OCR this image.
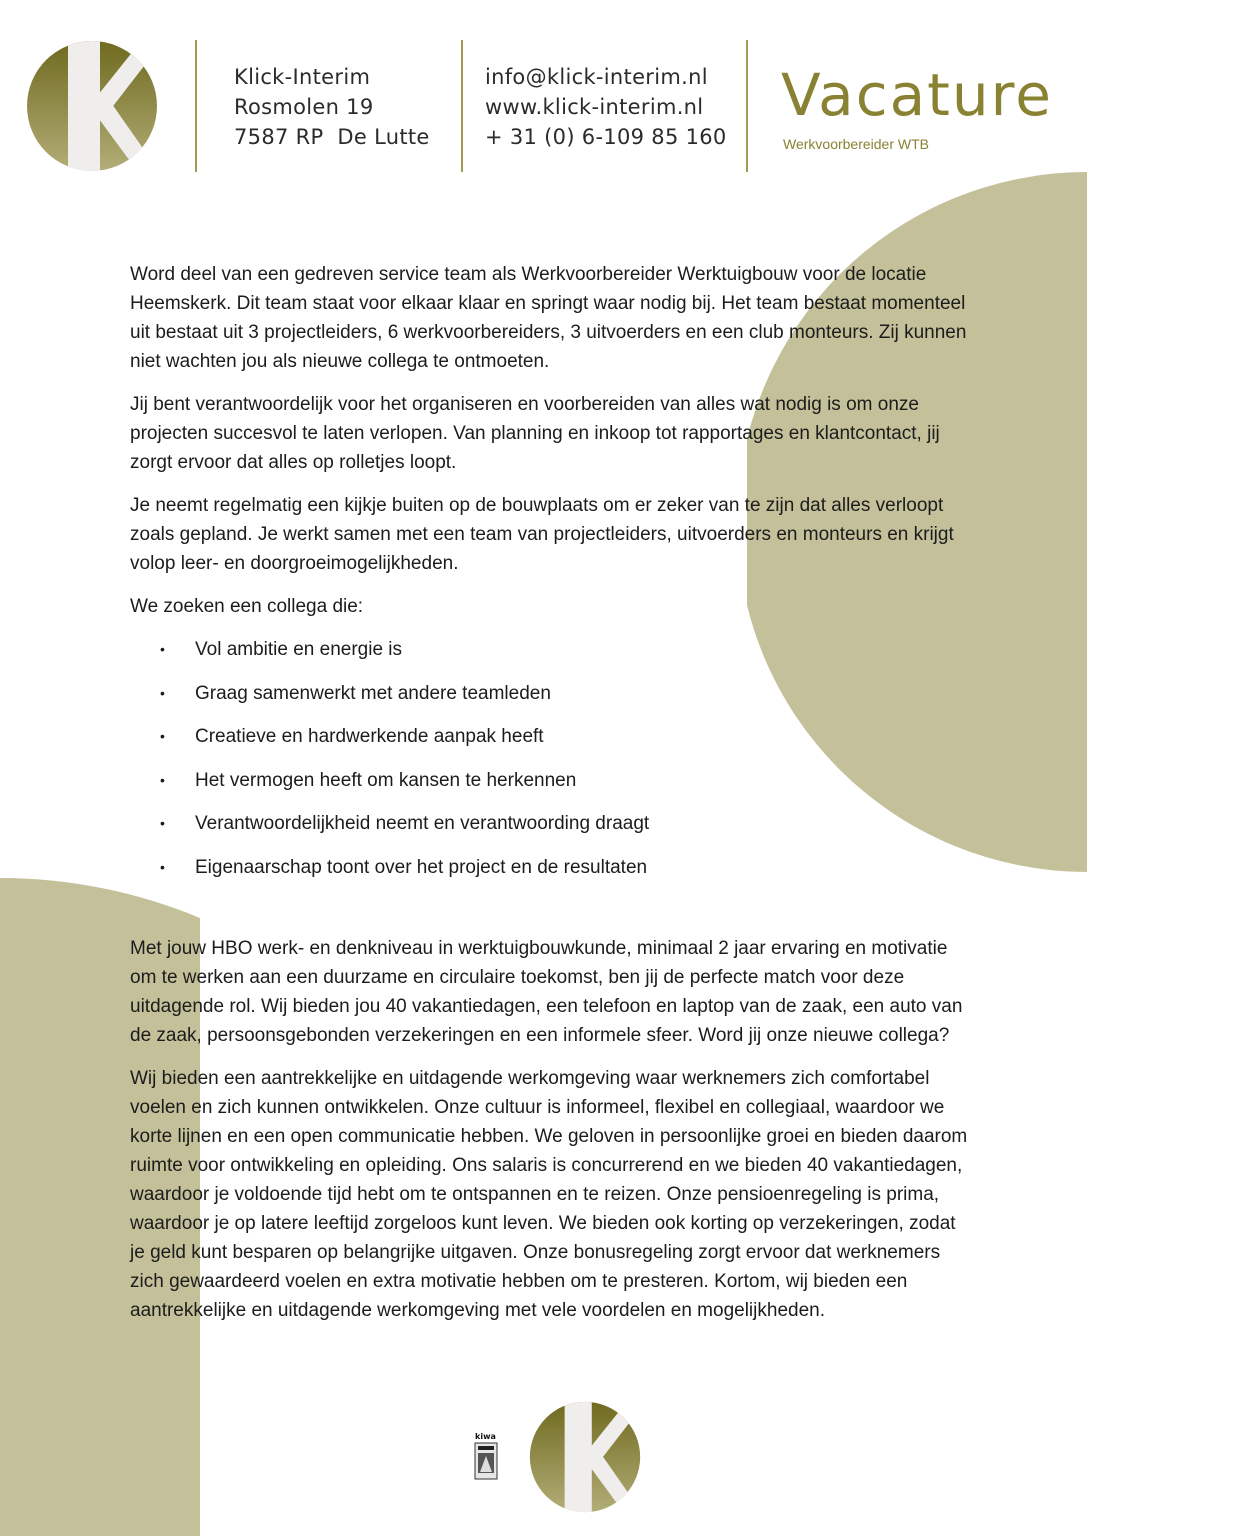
Klick-Interim
Rosmolen 19
7587 RP  De Lutte
info@klick-interim.nl
www.klick-interim.nl
+ 31 (0) 6-109 85 160
Vacature
Werkvoorbereider WTB

Word deel van een gedreven service team als Werkvoorbereider Werktuigbouw voor de locatie Heemskerk. Dit team staat voor elkaar klaar en springt waar nodig bij. Het team bestaat momenteel uit bestaat uit 3 projectleiders, 6 werkvoorbereiders, 3 uitvoerders en een club monteurs. Zij kunnen niet wachten jou als nieuwe collega te ontmoeten.

Jij bent verantwoordelijk voor het organiseren en voorbereiden van alles wat nodig is om onze projecten succesvol te laten verlopen. Van planning en inkoop tot rapportages en klantcontact, jij zorgt ervoor dat alles op rolletjes loopt.

Je neemt regelmatig een kijkje buiten op de bouwplaats om er zeker van te zijn dat alles verloopt zoals gepland. Je werkt samen met een team van projectleiders, uitvoerders en monteurs en krijgt volop leer- en doorgroeimogelijkheden.

We zoeken een collega die:

• Vol ambitie en energie is
• Graag samenwerkt met andere teamleden
• Creatieve en hardwerkende aanpak heeft
• Het vermogen heeft om kansen te herkennen
• Verantwoordelijkheid neemt en verantwoording draagt
• Eigenaarschap toont over het project en de resultaten

Met jouw HBO werk- en denkniveau in werktuigbouwkunde, minimaal 2 jaar ervaring en motivatie om te werken aan een duurzame en circulaire toekomst, ben jij de perfecte match voor deze uitdagende rol. Wij bieden jou 40 vakantiedagen, een telefoon en laptop van de zaak, een auto van de zaak, persoonsgebonden verzekeringen en een informele sfeer. Word jij onze nieuwe collega?

Wij bieden een aantrekkelijke en uitdagende werkomgeving waar werknemers zich comfortabel voelen en zich kunnen ontwikkelen. Onze cultuur is informeel, flexibel en collegiaal, waardoor we korte lijnen en een open communicatie hebben. We geloven in persoonlijke groei en bieden daarom ruimte voor ontwikkeling en opleiding. Ons salaris is concurrerend en we bieden 40 vakantiedagen, waardoor je voldoende tijd hebt om te ontspannen en te reizen. Onze pensioenregeling is prima, waardoor je op latere leeftijd zorgeloos kunt leven. We bieden ook korting op verzekeringen, zodat je geld kunt besparen op belangrijke uitgaven. Onze bonusregeling zorgt ervoor dat werknemers zich gewaardeerd voelen en extra motivatie hebben om te presteren. Kortom, wij bieden een aantrekkelijke en uitdagende werkomgeving met vele voordelen en mogelijkheden.

kiwa
